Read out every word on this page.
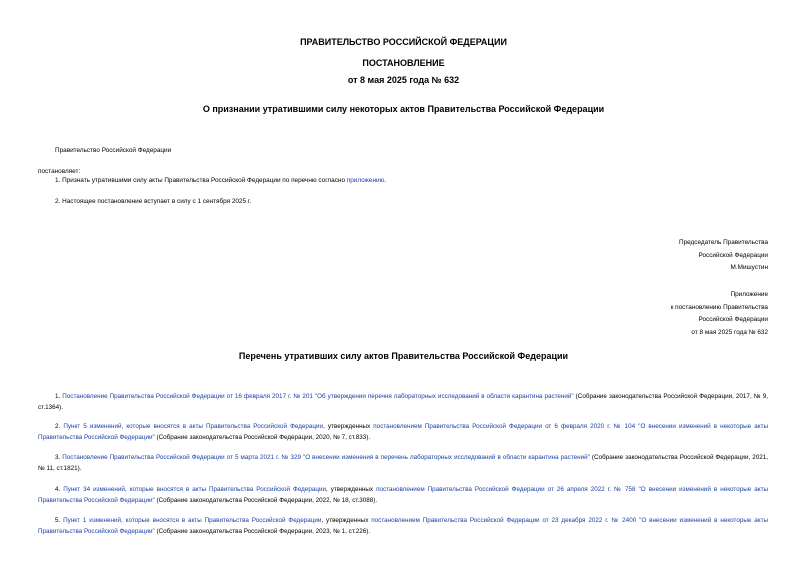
ПРАВИТЕЛЬСТВО РОССИЙСКОЙ ФЕДЕРАЦИИ
ПОСТАНОВЛЕНИЕ
от 8 мая 2025 года № 632
О признании утратившими силу некоторых актов Правительства Российской Федерации
Правительство Российской Федерации
постановляет:
1. Признать утратившими силу акты Правительства Российской Федерации по перечню согласно приложению.
2. Настоящее постановление вступает в силу с 1 сентября 2025 г.
Председатель Правительства
Российской Федерации
М.Мишустин
Приложение
к постановлению Правительства
Российской Федерации
от 8 мая 2025 года № 632
Перечень утративших силу актов Правительства Российской Федерации
1. Постановление Правительства Российской Федерации от 16 февраля 2017 г. № 201 "Об утверждении перечня лабораторных исследований в области карантина растений" (Собрание законодательства Российской Федерации, 2017, № 9, ст.1364).
2. Пункт 5 изменений, которые вносятся в акты Правительства Российской Федерации, утвержденных постановлением Правительства Российской Федерации от 6 февраля 2020 г. № 104 "О внесении изменений в некоторые акты Правительства Российской Федерации" (Собрание законодательства Российской Федерации, 2020, № 7, ст.833).
3. Постановление Правительства Российской Федерации от 5 марта 2021 г. № 329 "О внесении изменения в перечень лабораторных исследований в области карантина растений" (Собрание законодательства Российской Федерации, 2021, № 11, ст.1821).
4. Пункт 34 изменений, которые вносятся в акты Правительства Российской Федерации, утвержденных постановлением Правительства Российской Федерации от 26 апреля 2022 г. № 758 "О внесении изменений в некоторые акты Правительства Российской Федерации" (Собрание законодательства Российской Федерации, 2022, № 18, ст.3088).
5. Пункт 1 изменений, которые вносятся в акты Правительства Российской Федерации, утвержденных постановлением Правительства Российской Федерации от 23 декабря 2022 г. № 2400 "О внесении изменений в некоторые акты Правительства Российской Федерации" (Собрание законодательства Российской Федерации, 2023, № 1, ст.226).
